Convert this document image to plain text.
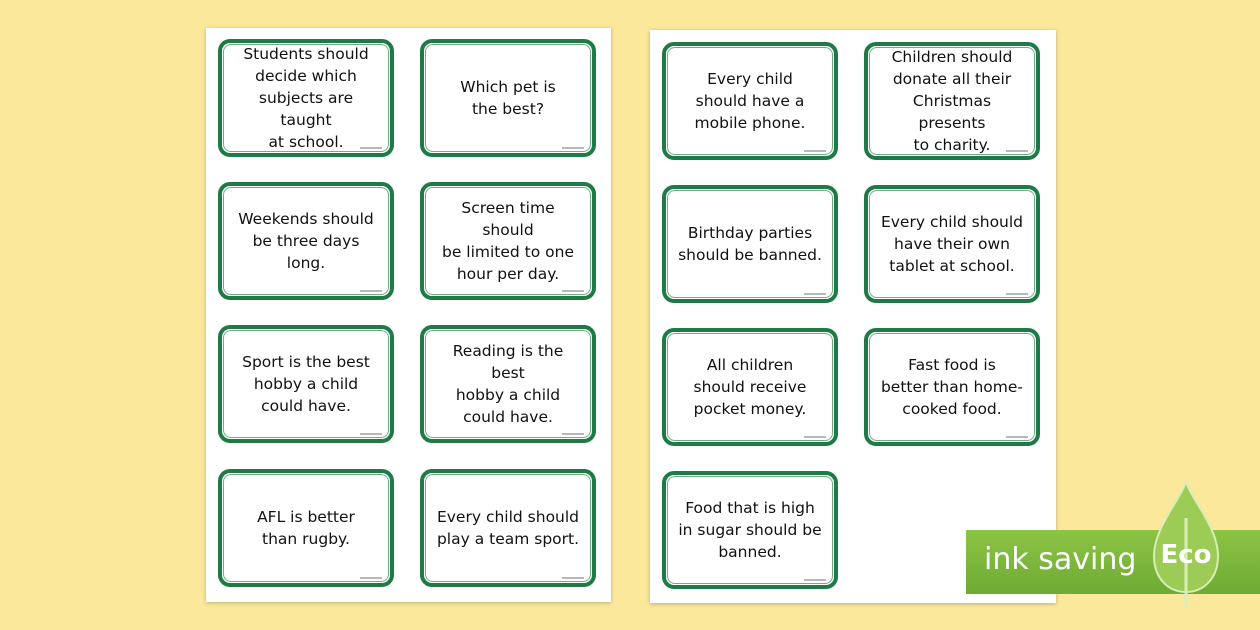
Students should
decide which
subjects are taught
at school.
Which pet is
the best?
Weekends should
be three days long.
Screen time should
be limited to one
hour per day.
Sport is the best
hobby a child
could have.
Reading is the best
hobby a child
could have.
AFL is better
than rugby.
Every child should
play a team sport.
Every child
should have a
mobile phone.
Children should
donate all their
Christmas presents
to charity.
Birthday parties
should be banned.
Every child should
have their own
tablet at school.
All children
should receive
pocket money.
Fast food is
better than home-
cooked food.
Food that is high
in sugar should be
banned.	ink saving Eco
